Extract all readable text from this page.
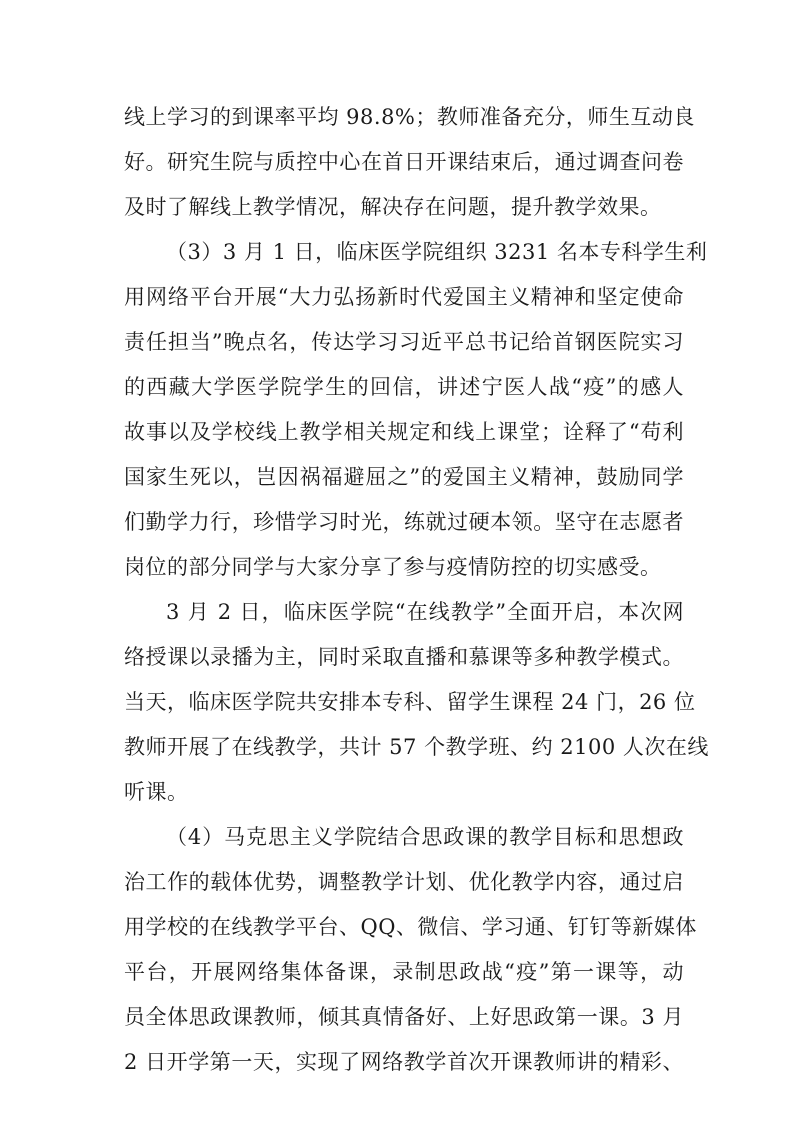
线上学习的到课率平均 98.8%；教师准备充分，师生互动良
好。研究生院与质控中心在首日开课结束后，通过调查问卷
及时了解线上教学情况，解决存在问题，提升教学效果。
（3）3 月 1 日，临床医学院组织 3231 名本专科学生利
用网络平台开展“大力弘扬新时代爱国主义精神和坚定使命
责任担当”晚点名，传达学习习近平总书记给首钢医院实习
的西藏大学医学院学生的回信，讲述宁医人战“疫”的感人
故事以及学校线上教学相关规定和线上课堂；诠释了“苟利
国家生死以，岂因祸福避屈之”的爱国主义精神，鼓励同学
们勤学力行，珍惜学习时光，练就过硬本领。坚守在志愿者
岗位的部分同学与大家分享了参与疫情防控的切实感受。
3 月 2 日，临床医学院“在线教学”全面开启，本次网
络授课以录播为主，同时采取直播和慕课等多种教学模式。
当天，临床医学院共安排本专科、留学生课程 24 门，26 位
教师开展了在线教学，共计 57 个教学班、约 2100 人次在线
听课。
（4）马克思主义学院结合思政课的教学目标和思想政
治工作的载体优势，调整教学计划、优化教学内容，通过启
用学校的在线教学平台、QQ、微信、学习通、钉钉等新媒体
平台，开展网络集体备课，录制思政战“疫”第一课等，动
员全体思政课教师，倾其真情备好、上好思政第一课。3 月
2 日开学第一天，实现了网络教学首次开课教师讲的精彩、
